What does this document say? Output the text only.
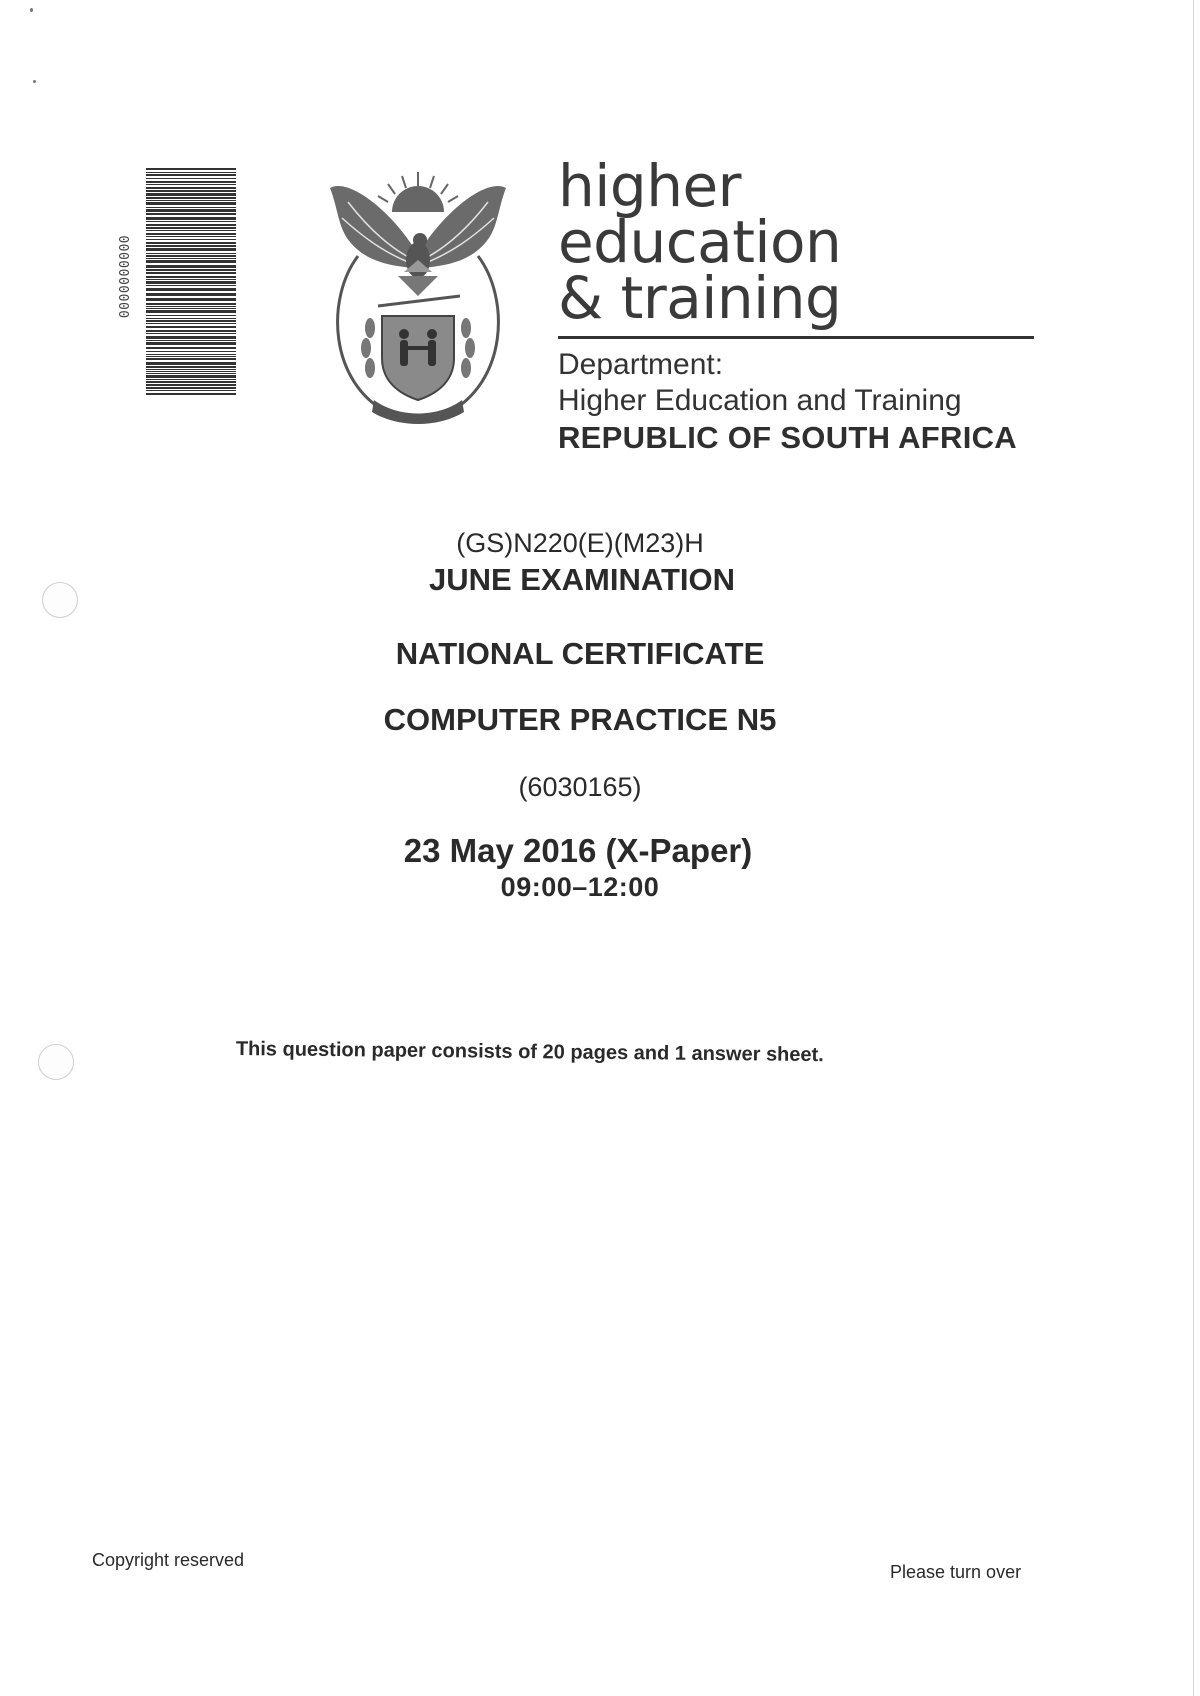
0000000000
higher education
& training
Department:
Higher Education and Training
REPUBLIC OF SOUTH AFRICA
(GS)N220(E)(M23)H
JUNE EXAMINATION
NATIONAL CERTIFICATE
COMPUTER PRACTICE N5
(6030165)
23 May 2016 (X-Paper)
09:00–12:00
This question paper consists of 20 pages and 1 answer sheet.
Copyright reserved
Please turn over
